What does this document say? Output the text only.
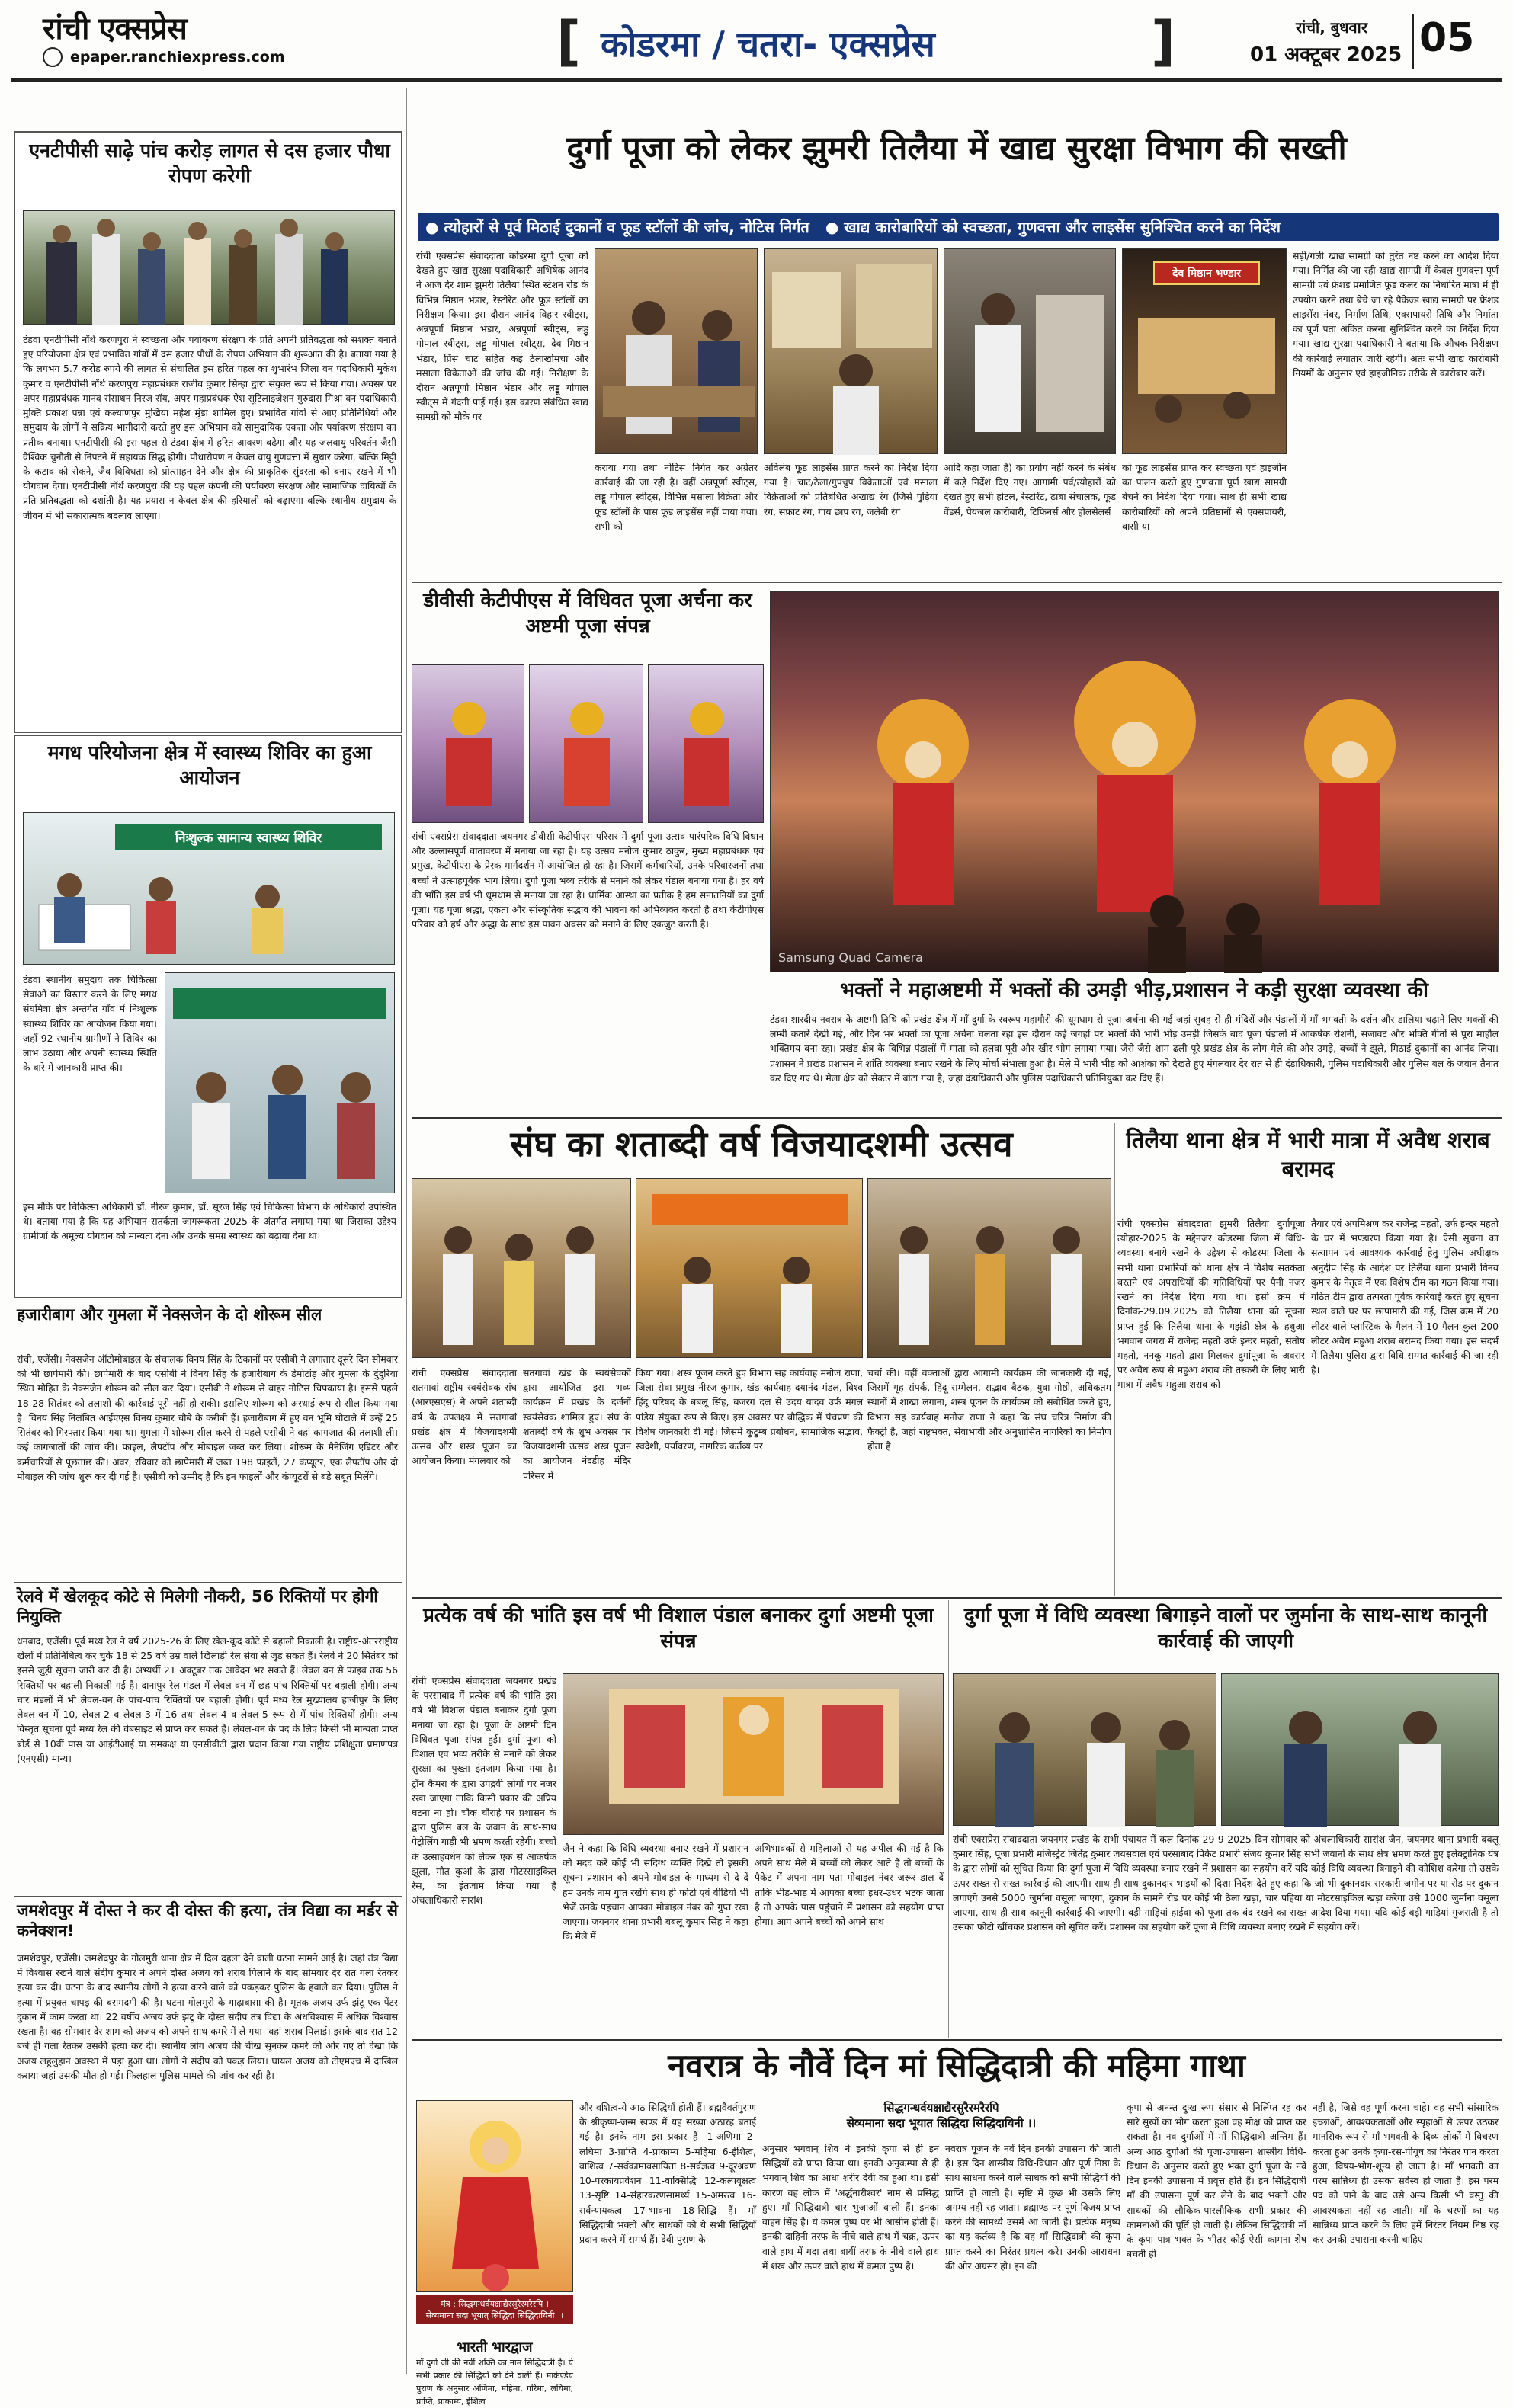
रांची एक्सप्रेस
epaper.ranchiexpress.com	[ कोडरमा / चतरा- एक्सप्रेस	]	रांची, बुधवार
01 अक्टूबर 2025 05
एनटीपीसी साढ़े पांच करोड़ लागत से दस हजार पौधा रोपण करेगी
टंडवा एनटीपीसी नॉर्थ करणपुरा ने स्वच्छता और पर्यावरण संरक्षण के प्रति अपनी प्रतिबद्धता को सशक्त बनाते हुए परियोजना क्षेत्र एवं प्रभावित गांवों में दस हजार पौधों के रोपण अभियान की शुरूआत की है। बताया गया है कि लगभग 5.7 करोड़ रुपये की लागत से संचालित इस हरित पहल का शुभारंभ जिला वन पदाधिकारी मुकेश कुमार व एनटीपीसी नॉर्थ करणपुरा महाप्रबंधक राजीव कुमार सिन्हा द्वारा संयुक्त रूप से किया गया। अवसर पर अपर महाप्रबंधक मानव संसाधन निरज रॉय, अपर महाप्रबंधक ऐश सूटिलाइजेशन गुरुदास मिश्रा वन पदाधिकारी मुक्ति प्रकाश पन्ना एवं कल्याणपुर मुखिया महेश मुंडा शामिल हुए। प्रभावित गांवों से आए प्रतिनिधियों और समुदाय के लोगों ने सक्रिय भागीदारी करते हुए इस अभियान को सामुदायिक एकता और पर्यावरण संरक्षण का प्रतीक बनाया। एनटीपीसी की इस पहल से टंडवा क्षेत्र में हरित आवरण बढ़ेगा और यह जलवायु परिवर्तन जैसी वैश्विक चुनौती से निपटने में सहायक सिद्ध होगी। पौधारोपण न केवल वायु गुणवत्ता में सुधार करेगा, बल्कि मिट्टी के कटाव को रोकने, जैव विविधता को प्रोत्साहन देने और क्षेत्र की प्राकृतिक सुंदरता को बनाए रखने में भी योगदान देगा। एनटीपीसी नॉर्थ करणपुरा की यह पहल कंपनी की पर्यावरण संरक्षण और सामाजिक दायित्वों के प्रति प्रतिबद्धता को दर्शाती है। यह प्रयास न केवल क्षेत्र की हरियाली को बढ़ाएगा बल्कि स्थानीय समुदाय के जीवन में भी सकारात्मक बदलाव लाएगा।
मगध परियोजना क्षेत्र में स्वास्थ्य शिविर का हुआ आयोजन
निःशुल्क सामान्य स्वास्थ्य शिविर
टंडवा स्थानीय समुदाय तक चिकित्सा सेवाओं का विस्तार करने के लिए मगध संघमित्रा क्षेत्र अन्तर्गत गाँव में निःशुल्क स्वास्थ्य शिविर का आयोजन किया गया। जहाँ 92 स्थानीय ग्रामीणों ने शिविर का लाभ उठाया और अपनी स्वास्थ्य स्थिति के बारे में जानकारी प्राप्त की।
इस मौके पर चिकित्सा अधिकारी डॉ. नीरज कुमार, डॉ. सूरज सिंह एवं चिकित्सा विभाग के अधिकारी उपस्थित थे। बताया गया है कि यह अभियान सतर्कता जागरूकता 2025 के अंतर्गत लगाया गया था जिसका उद्देश्य ग्रामीणों के अमूल्य योगदान को मान्यता देना और उनके समग्र स्वास्थ्य को बढ़ावा देना था।
हजारीबाग और गुमला में नेक्सजेन के दो शोरूम सील
रांची, एजेंसी। नेक्सजेन ऑटोमोबाइल के संचालक विनय सिंह के ठिकानों पर एसीबी ने लगातार दूसरे दिन सोमवार को भी छापेमारी की। छापेमारी के बाद एसीबी ने विनय सिंह के हजारीबाग के डेमोटांड़ और गुमला के दुंदुरिया स्थित मोहित के नेक्सजेन शोरूम को सील कर दिया। एसीबी ने शोरूम से बाहर नोटिस चिपकाया है। इससे पहले 18-28 सितंबर को तलाशी की कार्रवाई पूरी नहीं हो सकी। इसलिए शोरूम को अस्थाई रूप से सील किया गया है। विनय सिंह निलंबित आईएएस विनय कुमार चौबे के करीबी हैं। हजारीबाग में हुए वन भूमि घोटाले में उन्हें 25 सितंबर को गिरफ्तार किया गया था। गुमला में शोरूम सील करने से पहले एसीबी ने वहां कागजात की तलाशी ली। कई कागजातों की जांच की। फाइल, लैपटॉप और मोबाइल जब्त कर लिया। शोरूम के मैनेजिंग एडिटर और कर्मचारियों से पूछताछ की। अवर, रविवार को छापेमारी में जब्त 198 फाइलें, 27 कंप्यूटर, एक लैपटॉप और दो मोबाइल की जांच शुरू कर दी गई है। एसीबी को उम्मीद है कि इन फाइलों और कंप्यूटरों से बड़े सबूत मिलेंगे।
रेलवे में खेलकूद कोटे से मिलेगी नौकरी, 56 रिक्तियों पर होगी नियुक्ति
धनबाद, एजेंसी। पूर्व मध्य रेल ने वर्ष 2025-26 के लिए खेल-कूद कोटे से बहाली निकाली है। राष्ट्रीय-अंतरराष्ट्रीय खेलों में प्रतिनिधित्व कर चुके 18 से 25 वर्ष उम्र वाले खिलाड़ी रेल सेवा से जुड़ सकते हैं। रेलवे ने 20 सितंबर को इससे जुड़ी सूचना जारी कर दी है। अभ्यर्थी 21 अक्टूबर तक आवेदन भर सकते हैं। लेवल वन से फाइव तक 56 रिक्तियों पर बहाली निकाली गई है। दानापुर रेल मंडल में लेवल-वन में छह पांच रिक्तियों पर बहाली होगी। अन्य चार मंडलों में भी लेवल-वन के पांच-पांच रिक्तियों पर बहाली होगी। पूर्व मध्य रेल मुख्यालय हाजीपुर के लिए लेवल-वन में 10, लेवल-2 व लेवल-3 में 16 तथा लेवल-4 व लेवल-5 रूप से में पांच रिक्तियों होगी। अन्य विस्तृत सूचना पूर्व मध्य रेल की वेबसाइट से प्राप्त कर सकते हैं। लेवल-वन के पद के लिए किसी भी मान्यता प्राप्त बोर्ड से 10वीं पास या आईटीआई या समकक्ष या एनसीवीटी द्वारा प्रदान किया गया राष्ट्रीय प्रशिक्षुता प्रमाणपत्र (एनएसी) मान्य।
जमशेदपुर में दोस्त ने कर दी दोस्त की हत्या, तंत्र विद्या का मर्डर से कनेक्शन!
जमशेदपुर, एजेंसी। जमशेदपुर के गोलमुरी थाना क्षेत्र में दिल दहला देने वाली घटना सामने आई है। जहां तंत्र विद्या में विश्वास रखने वाले संदीप कुमार ने अपने दोस्त अजय को शराब पिलाने के बाद सोमवार देर रात गला रेतकर हत्या कर दी। घटना के बाद स्थानीय लोगों ने हत्या करने वाले को पकड़कर पुलिस के हवाले कर दिया। पुलिस ने हत्या में प्रयुक्त चापड़ की बरामदगी की है। घटना गोलमुरी के गाढ़ाबासा की है। मृतक अजय उर्फ झंटू एक पेंटर दुकान में काम करता था। 22 वर्षीय अजय उर्फ झंटू के दोस्त संदीप तंत्र विद्या के अंधविश्वास में अधिक विश्वास रखता है। वह सोमवार देर शाम को अजय को अपने साथ कमरे में ले गया। वहां शराब पिलाई। इसके बाद रात 12 बजे ही गला रेतकर उसकी हत्या कर दी। स्थानीय लोग अजय की चीख सुनकर कमरे की ओर गए तो देखा कि अजय लहूलुहान अवस्था में पड़ा हुआ था। लोगों ने संदीप को पकड़ लिया। घायल अजय को टीएमएच में दाखिल कराया जहां उसकी मौत हो गई। फिलहाल पुलिस मामले की जांच कर रही है।
दुर्गा पूजा को लेकर झुमरी तिलैया में खाद्य सुरक्षा विभाग की सख्ती
● त्योहारों से पूर्व मिठाई दुकानों व फूड स्टॉलों की जांच, नोटिस निर्गत ● खाद्य कारोबारियों को स्वच्छता, गुणवत्ता और लाइसेंस सुनिश्चित करने का निर्देश
रांची एक्सप्रेस संवाददाता कोडरमा दुर्गा पूजा को देखते हुए खाद्य सुरक्षा पदाधिकारी अभिषेक आनंद ने आज देर शाम झुमरी तिलैया स्थित स्टेशन रोड के विभिन्न मिष्ठान भंडार, रेस्टोरेंट और फूड स्टॉलों का निरीक्षण किया। इस दौरान आनंद विहार स्वीट्स, अन्नपूर्णा मिष्ठान भंडार, अन्नपूर्णा स्वीट्स, लड्डू गोपाल स्वीट्स, लड्डू गोपाल स्वीट्स, देव मिष्ठान भंडार, प्रिंस चाट सहित कई ठेलाखोमचा और मसाला विक्रेताओं की जांच की गई। निरीक्षण के दौरान अन्नपूर्णा मिष्ठान भंडार और लड्डू गोपाल स्वीट्स में गंदगी पाई गई। इस कारण संबंधित खाद्य सामग्री को मौके पर
कराया गया तथा नोटिस निर्गत कर अग्रेतर कार्रवाई की जा रही है। वहीं अन्नपूर्णा स्वीट्स, लड्डू गोपाल स्वीट्स, विभिन्न मसाला विक्रेता और फूड स्टॉलों के पास फूड लाइसेंस नहीं पाया गया। सभी को
अविलंब फूड लाइसेंस प्राप्त करने का निर्देश दिया गया है। चाट/ठेला/गुपचुप विक्रेताओं एवं मसाला विक्रेताओं को प्रतिबंधित अखाद्य रंग (जिसे पुड़िया रंग, सफ़ाट रंग, गाय छाप रंग, जलेबी रंग
आदि कहा जाता है) का प्रयोग नहीं करने के संबंध में कड़े निर्देश दिए गए। आगामी पर्व/त्योहारों को देखते हुए सभी होटल, रेस्टोरेंट, ढाबा संचालक, फूड वेंडर्स, पेयजल कारोबारी, टिफिनर्स और होलसेलर्स
देव मिष्ठान भण्डार
को फूड लाइसेंस प्राप्त कर स्वच्छता एवं हाइजीन का पालन करते हुए गुणवत्ता पूर्ण खाद्य सामग्री बेचने का निर्देश दिया गया। साथ ही सभी खाद्य कारोबारियों को अपने प्रतिष्ठानों से एक्सपायरी, बासी या
सड़ी/गली खाद्य सामग्री को तुरंत नष्ट करने का आदेश दिया गया। निर्मित की जा रही खाद्य सामग्री में केवल गुणवत्ता पूर्ण सामग्री एवं फ्रेशड प्रमाणित फूड कलर का निर्धारित मात्रा में ही उपयोग करने तथा बेचे जा रहे पैकेज्ड खाद्य सामग्री पर फ्रेशड लाइसेंस नंबर, निर्माण तिथि, एक्सपायरी तिथि और निर्माता का पूर्ण पता अंकित करना सुनिश्चित करने का निर्देश दिया गया। खाद्य सुरक्षा पदाधिकारी ने बताया कि औचक निरीक्षण की कार्रवाई लगातार जारी रहेगी। अतः सभी खाद्य कारोबारी नियमों के अनुसार एवं हाइजीनिक तरीके से कारोबार करें।
डीवीसी केटीपीएस में विधिवत पूजा अर्चना कर अष्टमी पूजा संपन्न
रांची एक्सप्रेस संवाददाता जयनगर डीवीसी केटीपीएस परिसर में दुर्गा पूजा उत्सव पारंपरिक विधि-विधान और उल्लासपूर्ण वातावरण में मनाया जा रहा है। यह उत्सव मनोज कुमार ठाकुर, मुख्य महाप्रबंधक एवं प्रमुख, केटीपीएस के प्रेरक मार्गदर्शन में आयोजित हो रहा है। जिसमें कर्मचारियों, उनके परिवारजनों तथा बच्चों ने उत्साहपूर्वक भाग लिया। दुर्गा पूजा भव्य तरीके से मनाने को लेकर पंडाल बनाया गया है। हर वर्ष की भाँति इस वर्ष भी धूमधाम से मनाया जा रहा है। धार्मिक आस्था का प्रतीक है हम सनातनियों का दुर्गा पूजा। यह पूजा श्रद्धा, एकता और सांस्कृतिक सद्भाव की भावना को अभिव्यक्त करती है तथा केटीपीएस परिवार को हर्ष और श्रद्धा के साथ इस पावन अवसर को मनाने के लिए एकजुट करती है।
Samsung Quad Camera
भक्तों ने महाअष्टमी में भक्तों की उमड़ी भीड़,प्रशासन ने कड़ी सुरक्षा व्यवस्था की
टंडवा शारदीय नवरात्र के अष्टमी तिथि को प्रखंड क्षेत्र में माँ दुर्गा के स्वरूप महागौरी की धूमधाम से पूजा अर्चना की गई जहां सुबह से ही मंदिरों और पंडालों में माँ भगवती के दर्शन और डालिया चढ़ाने लिए भक्तों की लम्बी कतारें देखी गई, और दिन भर भक्तों का पूजा अर्चना चलता रहा इस दौरान कई जगहों पर भक्तों की भारी भीड़ उमड़ी जिसके बाद पूजा पंडालों में आकर्षक रोशनी, सजावट और भक्ति गीतों से पूरा माहौल भक्तिमय बना रहा। प्रखंड क्षेत्र के विभिन्न पंडालों में माता को हलवा पूरी और खीर भोग लगाया गया। जैसे-जैसे शाम ढली पूरे प्रखंड क्षेत्र के लोग मेले की ओर उमड़े, बच्चों ने झूले, मिठाई दुकानों का आनंद लिया। प्रशासन ने प्रखंड प्रशासन ने शांति व्यवस्था बनाए रखने के लिए मोर्चा संभाला हुआ है। मेले में भारी भीड़ को आशंका को देखते हुए मंगलवार देर रात से ही दंडाधिकारी, पुलिस पदाधिकारी और पुलिस बल के जवान तैनात कर दिए गए थे। मेला क्षेत्र को सेक्टर में बांटा गया है, जहां दंडाधिकारी और पुलिस पदाधिकारी प्रतिनियुक्त कर दिए हैं।
संघ का शताब्दी वर्ष विजयादशमी उत्सव
रांची एक्सप्रेस संवाददाता सतगावां राष्ट्रीय स्वयंसेवक संघ (आरएसएस) ने अपने शताब्दी वर्ष के उपलक्ष्य में सतगावां प्रखंड क्षेत्र में विजयादशमी उत्सव और शस्त्र पूजन का आयोजन किया। मंगलवार को
सतगावां खंड के स्वयंसेवकों द्वारा आयोजित इस भव्य कार्यक्रम में प्रखंड के दर्जनों स्वयंसेवक शामिल हुए। संघ के शताब्दी वर्ष के शुभ अवसर पर विजयादशमी उत्सव शस्त्र पूजन का आयोजन नंदडीह मंदिर परिसर में
किया गया। शस्त्र पूजन करते हुए विभाग सह कार्यवाह मनोज राणा, जिला सेवा प्रमुख नीरज कुमार, खंड कार्यवाह दयानंद मंडल, विश्व हिंदू परिषद के बबलू सिंह, बजरंग दल से उदय यादव उर्फ मंगल पांडेय संयुक्त रूप से किए। इस अवसर पर बौद्धिक में पंचप्रण की विशेष जानकारी दी गई। जिसमें कुटुम्ब प्रबोधन, सामाजिक सद्भाव, स्वदेशी, पर्यावरण, नागरिक कर्तव्य पर
चर्चा की। वहीं वक्ताओं द्वारा आगामी कार्यक्रम की जानकारी दी गई, जिसमें गृह संपर्क, हिंदू सम्मेलन, सद्भाव बैठक, युवा गोष्ठी, अधिकतम स्थानों में शाखा लगाना, शस्त्र पूजन के कार्यक्रम को संबोधित करते हुए, विभाग सह कार्यवाह मनोज राणा ने कहा कि संघ चरित्र निर्माण की फैक्ट्री है, जहां राष्ट्रभक्त, सेवाभावी और अनुशासित नागरिकों का निर्माण होता है।
तिलैया थाना क्षेत्र में भारी मात्रा में अवैध शराब बरामद
रांची एक्सप्रेस संवाददाता झुमरी तिलैया दुर्गापूजा त्योहार-2025 के मद्देनजर कोडरमा जिला में विधि-व्यवस्था बनाये रखने के उद्देश्य से कोडरमा जिला के सभी थाना प्रभारियों को थाना क्षेत्र में विशेष सतर्कता बरतने एवं अपराधियों की गतिविधियों पर पैनी नज़र रखने का निर्देश दिया गया था। इसी क्रम में दिनांक-29.09.2025 को तिलैया थाना को सूचना प्राप्त हुई कि तिलैया थाना के गझंडी क्षेत्र के हथुआ भगवान जगरा में राजेन्द्र महतो उर्फ इन्दर महतो, संतोष महतो, ननकू महतो द्वारा मिलकर दुर्गापूजा के अवसर पर अवैध रूप से महुआ शराब की तस्करी के लिए भारी मात्रा में अवैध महुआ शराब को
तैयार एवं अपमिश्रण कर राजेन्द्र महतो, उर्फ इन्दर महतो के घर में भण्डारण किया गया है। ऐसी सूचना का सत्यापन एवं आवश्यक कार्रवाई हेतु पुलिस अधीक्षक अनुदीप सिंह के आदेश पर तिलैया थाना प्रभारी विनय कुमार के नेतृत्व में एक विशेष टीम का गठन किया गया। गठित टीम द्वारा तत्परता पूर्वक कार्रवाई करते हुए सूचना स्थल वाले घर पर छापामारी की गई, जिस क्रम में 20 लीटर वाले प्लास्टिक के गैलन में 10 गैलन कुल 200 लीटर अवैध महुआ शराब बरामद किया गया। इस संदर्भ में तिलैया पुलिस द्वारा विधि-सम्मत कार्रवाई की जा रही है।
प्रत्येक वर्ष की भांति इस वर्ष भी विशाल पंडाल बनाकर दुर्गा अष्टमी पूजा संपन्न
रांची एक्सप्रेस संवाददाता जयनगर प्रखंड के परसाबाद में प्रत्येक वर्ष की भांति इस वर्ष भी विशाल पंडाल बनाकर दुर्गा पूजा मनाया जा रहा है। पूजा के अष्टमी दिन विधिवत पूजा संपन्न हुई। दुर्गा पूजा को विशाल एवं भव्य तरीके से मनाने को लेकर सुरक्षा का पुख्ता इंतजाम किया गया है। ट्रॉन कैमरा के द्वारा उपद्रवी लोगों पर नजर रखा जाएगा ताकि किसी प्रकार की अप्रिय घटना ना हो। चौक चौराहे पर प्रशासन के द्वारा पुलिस बल के जवान के साथ-साथ पेट्रोलिंग गाड़ी भी भ्रमण करती रहेगी। बच्चों के उत्साहवर्धन को लेकर एक से आकर्षक झूला, मौत कुआं के द्वारा मोटरसाइकिल रेस, का इंतजाम किया गया है अंचलाधिकारी सारांश
जैन ने कहा कि विधि व्यवस्था बनाए रखने में प्रशासन को मदद करें कोई भी संदिग्ध व्यक्ति दिखे तो इसकी सूचना प्रशासन को अपने मोबाइल के माध्यम से दे दें हम उनके नाम गुप्त रखेंगे साथ ही फोटो एवं वीडियो भी भेजें उनके पहचान आपका मोबाइल नंबर को गुप्त रखा जाएगा। जयनगर थाना प्रभारी बबलू कुमार सिंह ने कहा कि मेले में
अभिभावकों से महिलाओं से यह अपील की गई है कि अपने साथ मेले में बच्चों को लेकर आते हैं तो बच्चों के पैकेट में अपना नाम पता मोबाइल नंबर जरूर डाल दें ताकि भीड़-भाड़ में आपका बच्चा इधर-उधर भटक जाता है तो आपके पास पहुंचाने में प्रशासन को सहयोग प्राप्त होगा। आप अपने बच्चों को अपने साथ
दुर्गा पूजा में विधि व्यवस्था बिगाड़ने वालों पर जुर्माना के साथ-साथ कानूनी कार्रवाई की जाएगी
रांची एक्सप्रेस संवाददाता जयनगर प्रखंड के सभी पंचायत में कल दिनांक 29 9 2025 दिन सोमवार को अंचलाधिकारी सारांश जैन, जयनगर थाना प्रभारी बबलू कुमार सिंह, पूजा प्रभारी मजिस्ट्रेट जितेंद्र कुमार जयसवाल एवं परसाबाद पिकेट प्रभारी संजय कुमार सिंह सभी जवानों के साथ क्षेत्र भ्रमण करते हुए इलेक्ट्रानिक यंत्र के द्वारा लोगों को सूचित किया कि दुर्गा पूजा में विधि व्यवस्था बनाए रखने में प्रशासन का सहयोग करें यदि कोई विधि व्यवस्था बिगाड़ने की कोशिश करेगा तो उसके ऊपर सख्त से सख्त कार्रवाई की जाएगी। साथ ही साथ दुकानदार भाइयों को दिशा निर्देश देते हुए कहा कि जो भी दुकानदार सरकारी जमीन पर या रोड पर दुकान लगाएंगे उनसे 5000 जुर्माना वसूला जाएगा, दुकान के सामने रोड पर कोई भी ठेला खड़ा, चार पहिया या मोटरसाइकिल खड़ा करेगा उसे 1000 जुर्माना वसूला जाएगा, साथ ही साथ कानूनी कार्रवाई की जाएगी। बड़ी गाड़ियां हाईवा को पूजा तक बंद रखने का सख्त आदेश दिया गया। यदि कोई बड़ी गाड़ियां गुजराती है तो उसका फोटो खींचकर प्रशासन को सूचित करें। प्रशासन का सहयोग करें पूजा में विधि व्यवस्था बनाए रखने में सहयोग करें।
नवरात्र के नौवें दिन मां सिद्धिदात्री की महिमा गाथा
मंत्र : सिद्धगन्धर्वयक्षाद्यैरसुरैरमरैरपि ।
सेव्यमाना सदा भूयात् सिद्धिदा सिद्धिदायिनी ।।
भारती भारद्वाज
माँ दुर्गा जी की नवीं शक्ति का नाम सिद्धिदात्री है। ये सभी प्रकार की सिद्धियों को देने वाली हैं। मार्कण्डेय पुराण के अनुसार अणिमा, महिमा, गरिमा, लघिमा, प्राप्ति, प्राकाम्य, ईशित्व
और वशित्व-ये आठ सिद्धियाँ होती हैं। ब्रह्मवैवर्तपुराण के श्रीकृष्ण-जन्म खण्ड में यह संख्या अठारह बताई गई है। इनके नाम इस प्रकार हैं- 1-अणिमा 2-लघिमा 3-प्राप्ति 4-प्राकाम्य 5-महिमा 6-ईशित्व, वाशित्व 7-सर्वकामावसायिता 8-सर्वज्ञत्व 9-दूरश्रवण 10-परकायप्रवेशन 11-वाक्सिद्धि 12-कल्पवृक्षत्व 13-सृष्टि 14-संहारकरणसामर्थ्य 15-अमरत्व 16-सर्वन्यायकत्व 17-भावना 18-सिद्धि हैं। माँ सिद्धिदात्री भक्तों और साधकों को ये सभी सिद्धियाँ प्रदान करने में समर्थ हैं। देवी पुराण के
सिद्धगन्धर्वयक्षाद्यैरसुरैरमरैरपि
सेव्यमाना सदा भूयात सिद्धिदा सिद्धिदायिनी ।।
अनुसार भगवान् शिव ने इनकी कृपा से ही इन सिद्धियों को प्राप्त किया था। इनकी अनुकम्पा से ही भगवान् शिव का आधा शरीर देवी का हुआ था। इसी कारण वह लोक में 'अर्द्धनारीश्वर' नाम से प्रसिद्ध हुए। माँ सिद्धिदात्री चार भुजाओं वाली हैं। इनका वाहन सिंह है। ये कमल पुष्प पर भी आसीन होती हैं। इनकी दाहिनी तरफ के नीचे वाले हाथ में चक्र, ऊपर वाले हाथ में गदा तथा बायीं तरफ के नीचे वाले हाथ में शंख और ऊपर वाले हाथ में कमल पुष्प है।
नवरात्र पूजन के नवें दिन इनकी उपासना की जाती है। इस दिन शास्त्रीय विधि-विधान और पूर्ण निष्ठा के साथ साधना करने वाले साधक को सभी सिद्धियों की प्राप्ति हो जाती है। सृष्टि में कुछ भी उसके लिए अगम्य नहीं रह जाता। ब्रह्माण्ड पर पूर्ण विजय प्राप्त करने की सामर्थ्य उसमें आ जाती है। प्रत्येक मनुष्य का यह कर्तव्य है कि वह माँ सिद्धिदात्री की कृपा प्राप्त करने का निरंतर प्रयत्न करे। उनकी आराधना की ओर अग्रसर हो। इन की
कृपा से अनन्त दुःख रूप संसार से निर्लिप्त रह कर सारे सुखों का भोग करता हुआ वह मोक्ष को प्राप्त कर सकता है। नव दुर्गाओं में माँ सिद्धिदात्री अन्तिम हैं। अन्य आठ दुर्गाओं की पूजा-उपासना शास्त्रीय विधि-विधान के अनुसार करते हुए भक्त दुर्गा पूजा के नवें दिन इनकी उपासना में प्रवृत्त होते हैं। इन सिद्धिदात्री माँ की उपासना पूर्ण कर लेने के बाद भक्तों और साधकों की लौकिक-पारलौकिक सभी प्रकार की कामनाओं की पूर्ति हो जाती है। लेकिन सिद्धिदात्री माँ के कृपा पात्र भक्त के भीतर कोई ऐसी कामना शेष बचती ही
नहीं है, जिसे वह पूर्ण करना चाहे। वह सभी सांसारिक इच्छाओं, आवश्यकताओं और स्पृहाओं से ऊपर उठकर मानसिक रूप से माँ भगवती के दिव्य लोकों में विचरण करता हुआ उनके कृपा-रस-पीयूष का निरंतर पान करता हुआ, विषय-भोग-शून्य हो जाता है। माँ भगवती का परम सान्निध्य ही उसका सर्वस्व हो जाता है। इस परम पद को पाने के बाद उसे अन्य किसी भी वस्तु की आवश्यकता नहीं रह जाती। माँ के चरणों का यह सान्निध्य प्राप्त करने के लिए हमें निरंतर नियम निष्ठ रह कर उनकी उपासना करनी चाहिए।
